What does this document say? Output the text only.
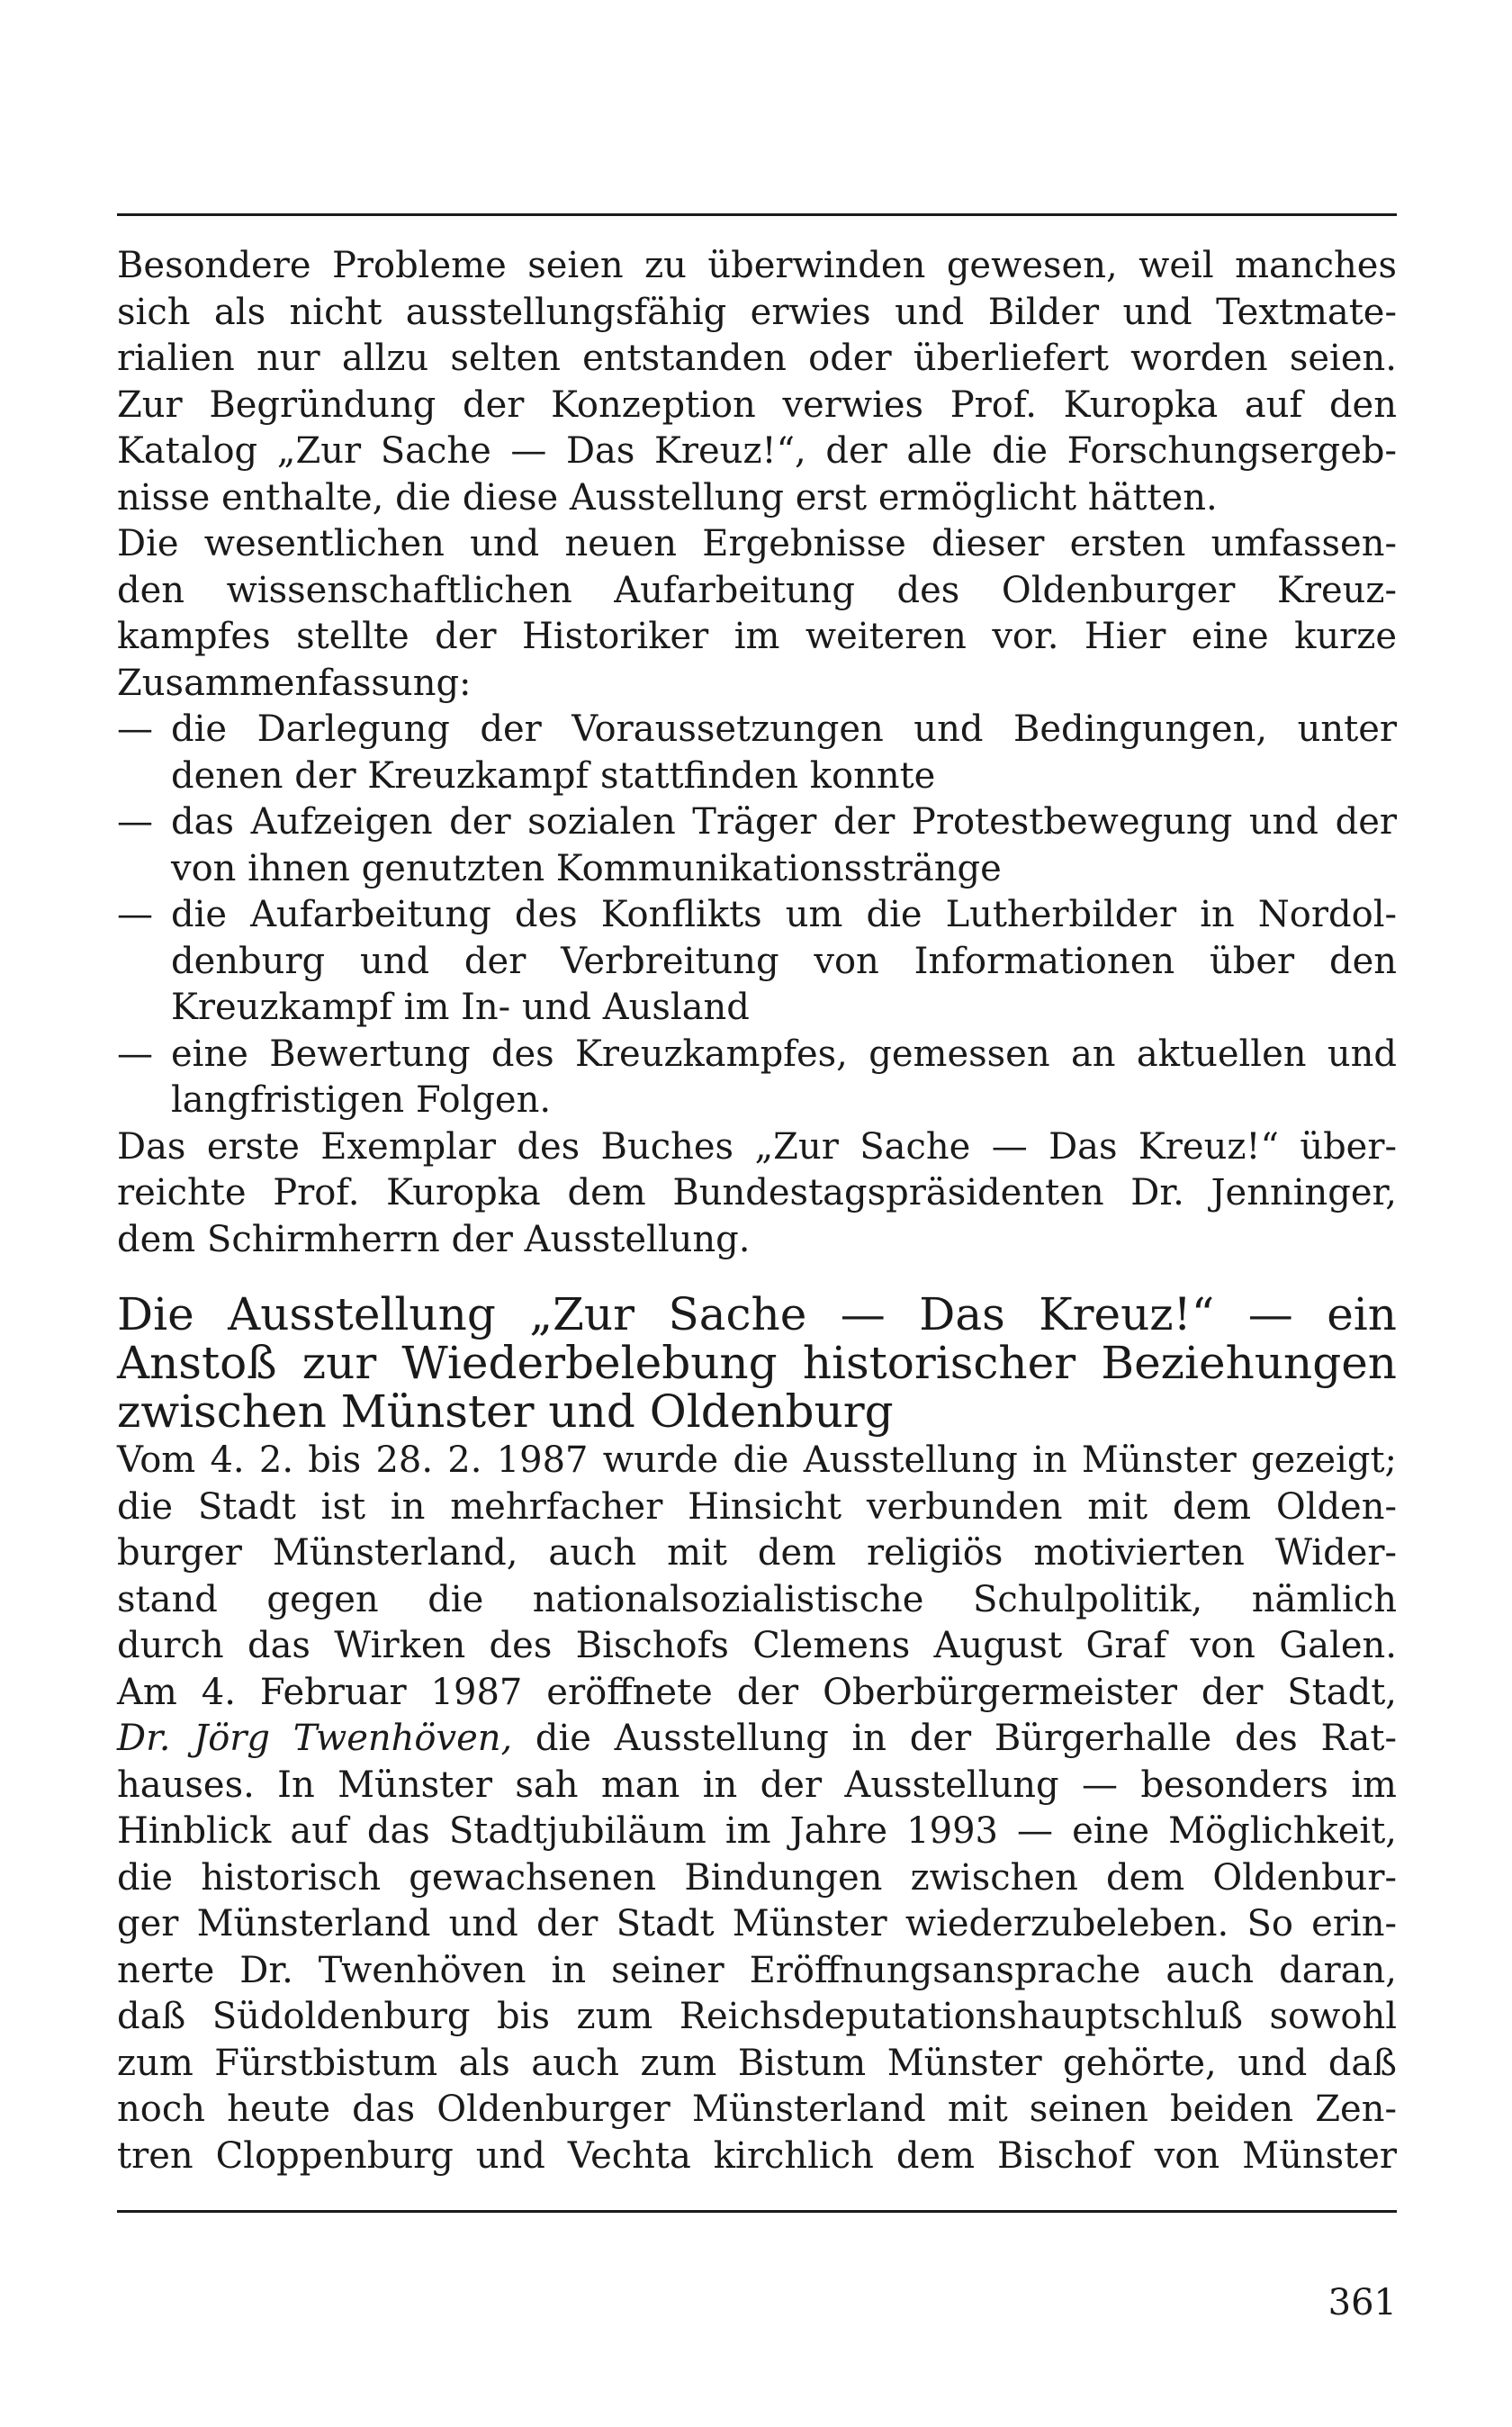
Besondere Probleme seien zu überwinden gewesen, weil manches
sich als nicht ausstellungsfähig erwies und Bilder und Textmate-
rialien nur allzu selten entstanden oder überliefert worden seien.
Zur Begründung der Konzeption verwies Prof. Kuropka auf den
Katalog „Zur Sache — Das Kreuz!“, der alle die Forschungsergeb-
nisse enthalte, die diese Ausstellung erst ermöglicht hätten.
Die wesentlichen und neuen Ergebnisse dieser ersten umfassen-
den wissenschaftlichen Aufarbeitung des Oldenburger Kreuz-
kampfes stellte der Historiker im weiteren vor. Hier eine kurze
Zusammenfassung:
— die Darlegung der Voraussetzungen und Bedingungen, unter
denen der Kreuzkampf stattfinden konnte
— das Aufzeigen der sozialen Träger der Protestbewegung und der
von ihnen genutzten Kommunikationsstränge
— die Aufarbeitung des Konflikts um die Lutherbilder in Nordol-
denburg und der Verbreitung von Informationen über den
Kreuzkampf im In- und Ausland
— eine Bewertung des Kreuzkampfes, gemessen an aktuellen und
langfristigen Folgen.
Das erste Exemplar des Buches „Zur Sache — Das Kreuz!“ über-
reichte Prof. Kuropka dem Bundestagspräsidenten Dr. Jenninger,
dem Schirmherrn der Ausstellung.
Die Ausstellung „Zur Sache — Das Kreuz!“ — ein
Anstoß zur Wiederbelebung historischer Beziehungen
zwischen Münster und Oldenburg
Vom 4. 2. bis 28. 2. 1987 wurde die Ausstellung in Münster gezeigt;
die Stadt ist in mehrfacher Hinsicht verbunden mit dem Olden-
burger Münsterland, auch mit dem religiös motivierten Wider-
stand gegen die nationalsozialistische Schulpolitik, nämlich
durch das Wirken des Bischofs Clemens August Graf von Galen.
Am 4. Februar 1987 eröffnete der Oberbürgermeister der Stadt,
Dr. Jörg Twenhöven, die Ausstellung in der Bürgerhalle des Rat-
hauses. In Münster sah man in der Ausstellung — besonders im
Hinblick auf das Stadtjubiläum im Jahre 1993 — eine Möglichkeit,
die historisch gewachsenen Bindungen zwischen dem Oldenbur-
ger Münsterland und der Stadt Münster wiederzubeleben. So erin-
nerte Dr. Twenhöven in seiner Eröffnungsansprache auch daran,
daß Südoldenburg bis zum Reichsdeputationshauptschluß sowohl
zum Fürstbistum als auch zum Bistum Münster gehörte, und daß
noch heute das Oldenburger Münsterland mit seinen beiden Zen-
tren Cloppenburg und Vechta kirchlich dem Bischof von Münster
361
